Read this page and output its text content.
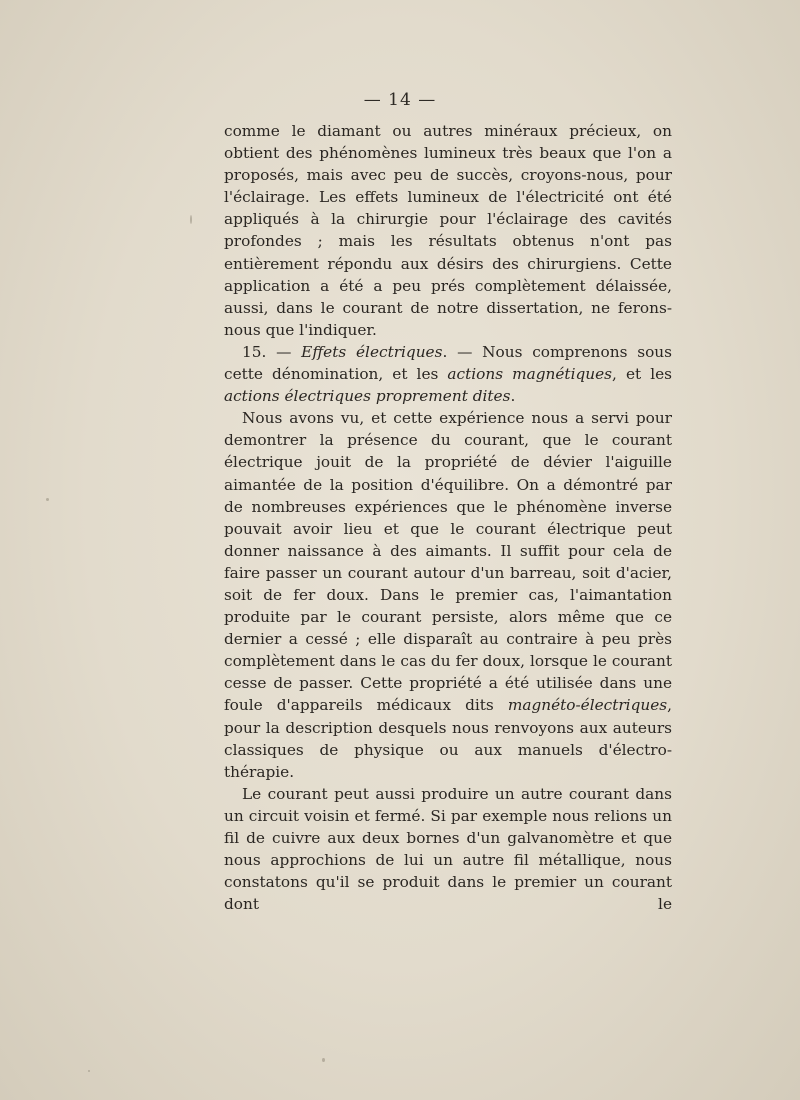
— 14 —

comme le diamant ou autres minéraux précieux, on obtient des phénomènes lumineux très beaux que l'on a proposés, mais avec peu de succès, croyons-nous, pour l'éclairage. Les effets lumineux de l'électricité ont été appliqués à la chirurgie pour l'éclairage des cavités profondes ; mais les résultats obtenus n'ont pas entièrement répondu aux désirs des chirurgiens. Cette application a été a peu prés complètement délaissée, aussi, dans le courant de notre dissertation, ne ferons-nous que l'indiquer.

15. — Effets électriques. — Nous comprenons sous cette dénomination, et les actions magnétiques, et les actions électriques proprement dites.

Nous avons vu, et cette expérience nous a servi pour demontrer la présence du courant, que le courant électrique jouit de la propriété de dévier l'aiguille aimantée de la position d'équilibre. On a démontré par de nombreuses expériences que le phénomène inverse pouvait avoir lieu et que le courant électrique peut donner naissance à des aimants. Il suffit pour cela de faire passer un courant autour d'un barreau, soit d'acier, soit de fer doux. Dans le premier cas, l'aimantation produite par le courant persiste, alors même que ce dernier a cessé ; elle disparaît au contraire à peu près complètement dans le cas du fer doux, lorsque le courant cesse de passer. Cette propriété a été utilisée dans une foule d'appareils médicaux dits magnéto-électriques, pour la description desquels nous renvoyons aux auteurs classiques de physique ou aux manuels d'électro-thérapie.

Le courant peut aussi produire un autre courant dans un circuit voisin et fermé. Si par exemple nous relions un fil de cuivre aux deux bornes d'un galvanomètre et que nous approchions de lui un autre fil métallique, nous constatons qu'il se produit dans le premier un courant dont le
